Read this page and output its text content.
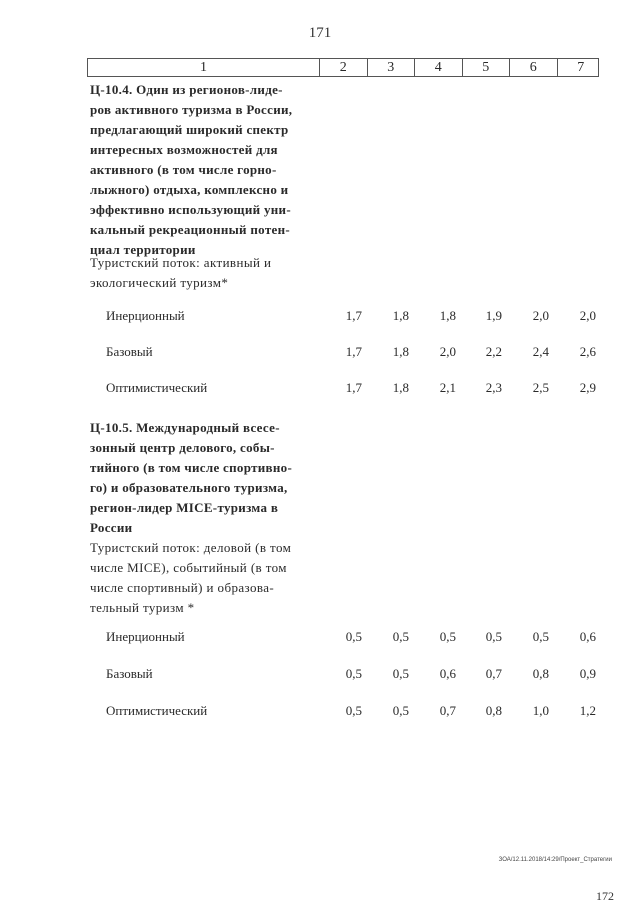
171
1	2	3	4	5	6	7
Ц-10.4. Один из регионов-лиде-
ров активного туризма в России,
предлагающий широкий спектр
интересных возможностей для
активного (в том числе горно-
лыжного) отдыха, комплексно и
эффективно использующий уни-
кальный рекреационный потен-
циал территории
Туристский поток: активный и
экологический туризм*
Инерционный	1,7	1,8	1,8	1,9	2,0	2,0
Базовый	1,7	1,8	2,0	2,2	2,4	2,6
Оптимистический	1,7	1,8	2,1	2,3	2,5	2,9
Ц-10.5. Международный всесе-
зонный центр делового, собы-
тийного (в том числе спортивно-
го) и образовательного туризма,
регион-лидер MICE-туризма в
России
Туристский поток: деловой (в том
числе MICE), событийный (в том
числе спортивный) и образова-
тельный туризм *
Инерционный	0,5	0,5	0,5	0,5	0,5	0,6
Базовый	0,5	0,5	0,6	0,7	0,8	0,9
Оптимистический	0,5	0,5	0,7	0,8	1,0	1,2
ЗОА/12.11.2018/14:29/Проект_Стратегии
172
